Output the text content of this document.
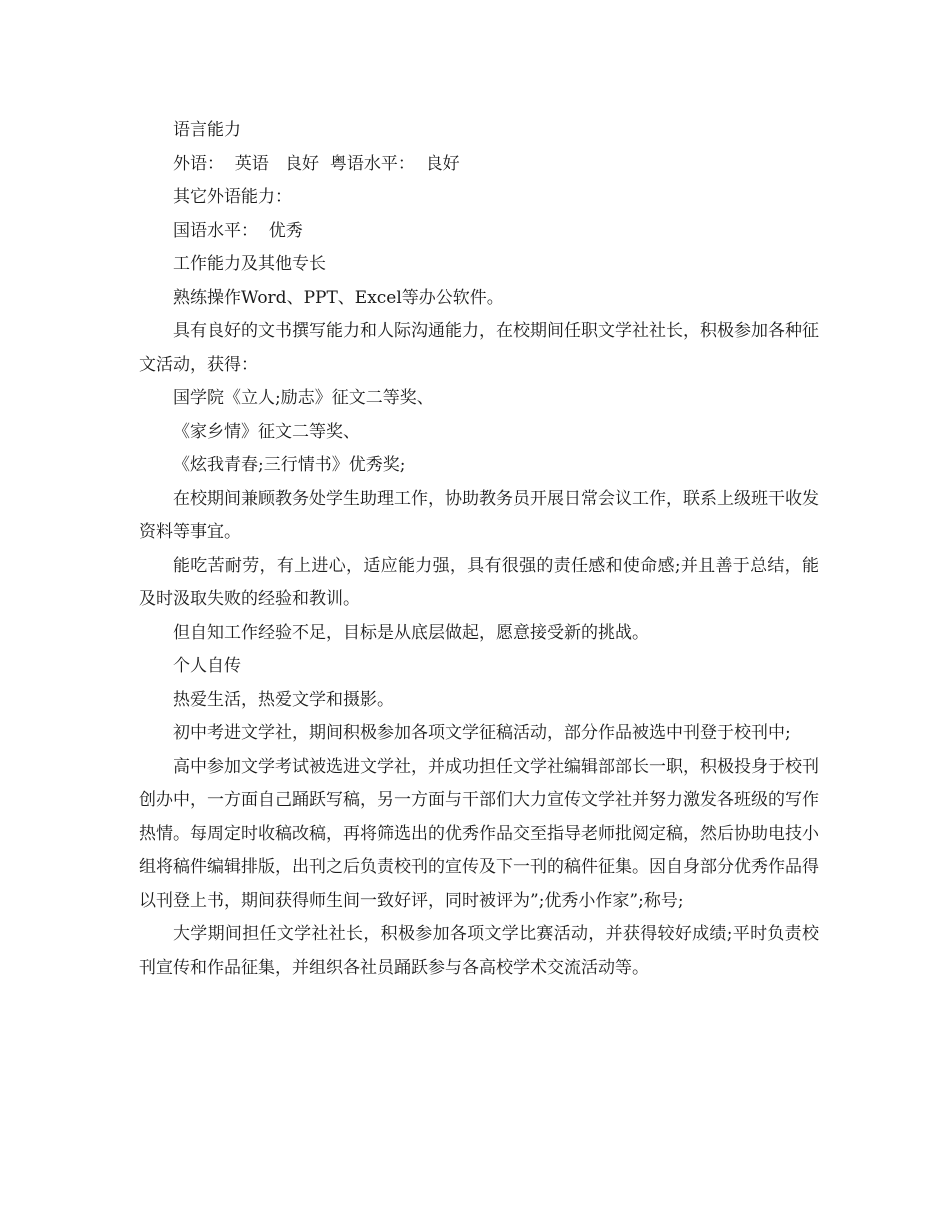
语言能力

外语：  英语   良好  粤语水平：  良好

其它外语能力：

国语水平：  优秀

工作能力及其他专长

熟练操作Word、PPT、Excel等办公软件。

具有良好的文书撰写能力和人际沟通能力，在校期间任职文学社社长，积极参加各种征文活动，获得：

国学院《立人;励志》征文二等奖、

《家乡情》征文二等奖、

《炫我青春;三行情书》优秀奖;

在校期间兼顾教务处学生助理工作，协助教务员开展日常会议工作，联系上级班干收发资料等事宜。

能吃苦耐劳，有上进心，适应能力强，具有很强的责任感和使命感;并且善于总结，能及时汲取失败的经验和教训。

但自知工作经验不足，目标是从底层做起，愿意接受新的挑战。

个人自传

热爱生活，热爱文学和摄影。

初中考进文学社，期间积极参加各项文学征稿活动，部分作品被选中刊登于校刊中;

高中参加文学考试被选进文学社，并成功担任文学社编辑部部长一职，积极投身于校刊创办中，一方面自己踊跃写稿，另一方面与干部们大力宣传文学社并努力激发各班级的写作热情。每周定时收稿改稿，再将筛选出的优秀作品交至指导老师批阅定稿，然后协助电技小组将稿件编辑排版，出刊之后负责校刊的宣传及下一刊的稿件征集。因自身部分优秀作品得以刊登上书，期间获得师生间一致好评，同时被评为”;优秀小作家”;称号;

大学期间担任文学社社长，积极参加各项文学比赛活动，并获得较好成绩;平时负责校刊宣传和作品征集，并组织各社员踊跃参与各高校学术交流活动等。
